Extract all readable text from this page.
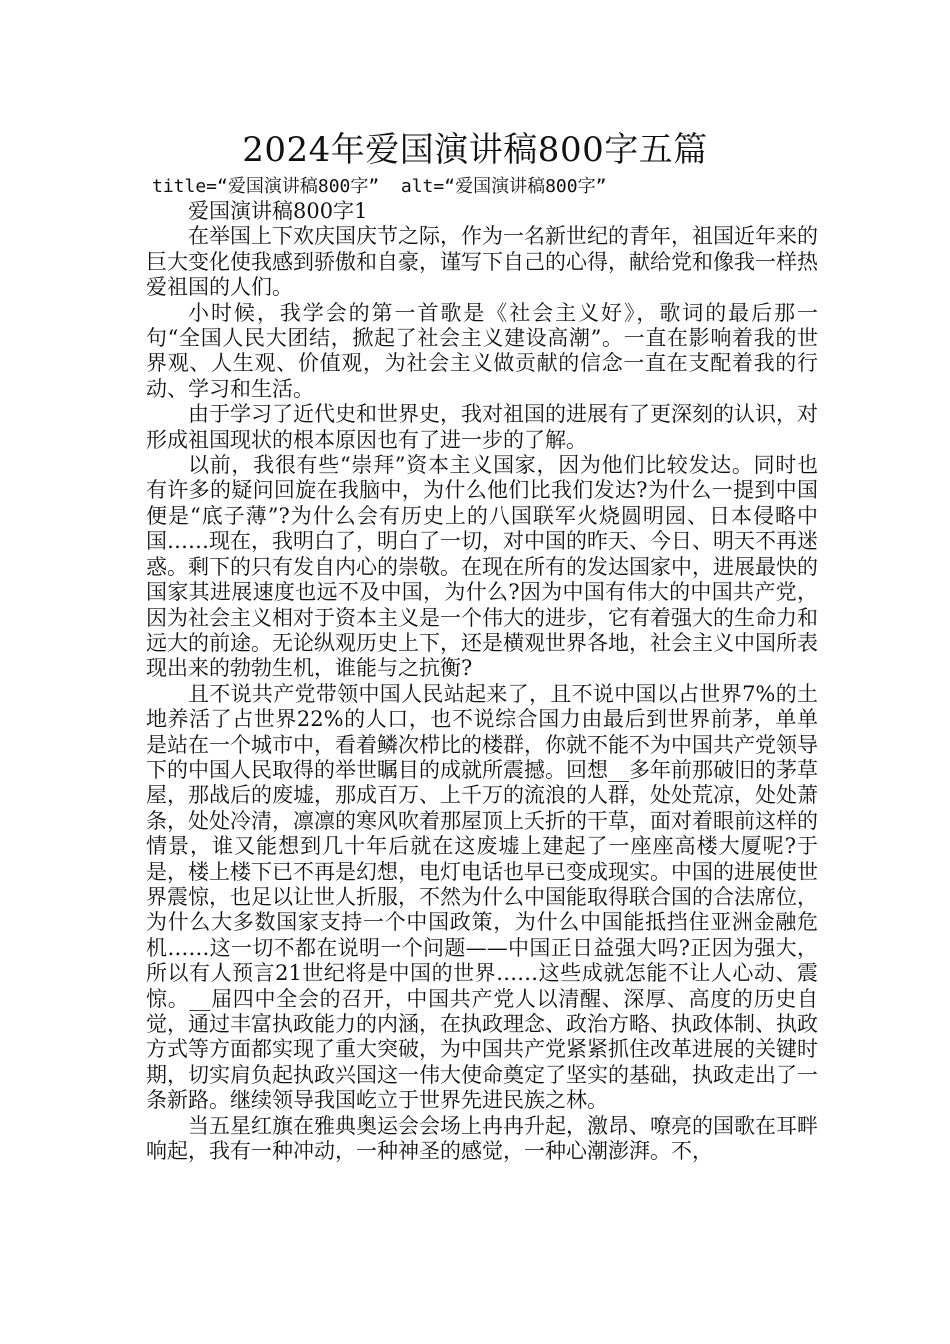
2024年爱国演讲稿800字五篇
title=“爱国演讲稿800字”  alt=“爱国演讲稿800字”

爱国演讲稿800字1

在举国上下欢庆国庆节之际，作为一名新世纪的青年，祖国近年来的巨大变化使我感到骄傲和自豪，谨写下自己的心得，献给党和像我一样热爱祖国的人们。

小时候，我学会的第一首歌是《社会主义好》，歌词的最后那一句“全国人民大团结，掀起了社会主义建设高潮”。一直在影响着我的世界观、人生观、价值观，为社会主义做贡献的信念一直在支配着我的行动、学习和生活。

由于学习了近代史和世界史，我对祖国的进展有了更深刻的认识，对形成祖国现状的根本原因也有了进一步的了解。

以前，我很有些“崇拜”资本主义国家，因为他们比较发达。同时也有许多的疑问回旋在我脑中，为什么他们比我们发达?为什么一提到中国便是“底子薄”?为什么会有历史上的八国联军火烧圆明园、日本侵略中国……现在，我明白了，明白了一切，对中国的昨天、今日、明天不再迷惑。剩下的只有发自内心的崇敬。在现在所有的发达国家中，进展最快的国家其进展速度也远不及中国，为什么?因为中国有伟大的中国共产党，因为社会主义相对于资本主义是一个伟大的进步，它有着强大的生命力和远大的前途。无论纵观历史上下，还是横观世界各地，社会主义中国所表现出来的勃勃生机，谁能与之抗衡?

且不说共产党带领中国人民站起来了，且不说中国以占世界7%的土地养活了占世界22%的人口，也不说综合国力由最后到世界前茅，单单是站在一个城市中，看着鳞次栉比的楼群，你就不能不为中国共产党领导下的中国人民取得的举世瞩目的成就所震撼。回想__多年前那破旧的茅草屋，那战后的废墟，那成百万、上千万的流浪的人群，处处荒凉，处处萧条，处处冷清，凛凛的寒风吹着那屋顶上夭折的干草，面对着眼前这样的情景，谁又能想到几十年后就在这废墟上建起了一座座高楼大厦呢?于是，楼上楼下已不再是幻想，电灯电话也早已变成现实。中国的进展使世界震惊，也足以让世人折服，不然为什么中国能取得联合国的合法席位，为什么大多数国家支持一个中国政策，为什么中国能抵挡住亚洲金融危机……这一切不都在说明一个问题——中国正日益强大吗?正因为强大，所以有人预言21世纪将是中国的世界……这些成就怎能不让人心动、震惊。__届四中全会的召开，中国共产党人以清醒、深厚、高度的历史自觉，通过丰富执政能力的内涵，在执政理念、政治方略、执政体制、执政方式等方面都实现了重大突破，为中国共产党紧紧抓住改革进展的关键时期，切实肩负起执政兴国这一伟大使命奠定了坚实的基础，执政走出了一条新路。继续领导我国屹立于世界先进民族之林。

当五星红旗在雅典奥运会会场上冉冉升起，激昂、嘹亮的国歌在耳畔响起，我有一种冲动，一种神圣的感觉，一种心潮澎湃。不，
